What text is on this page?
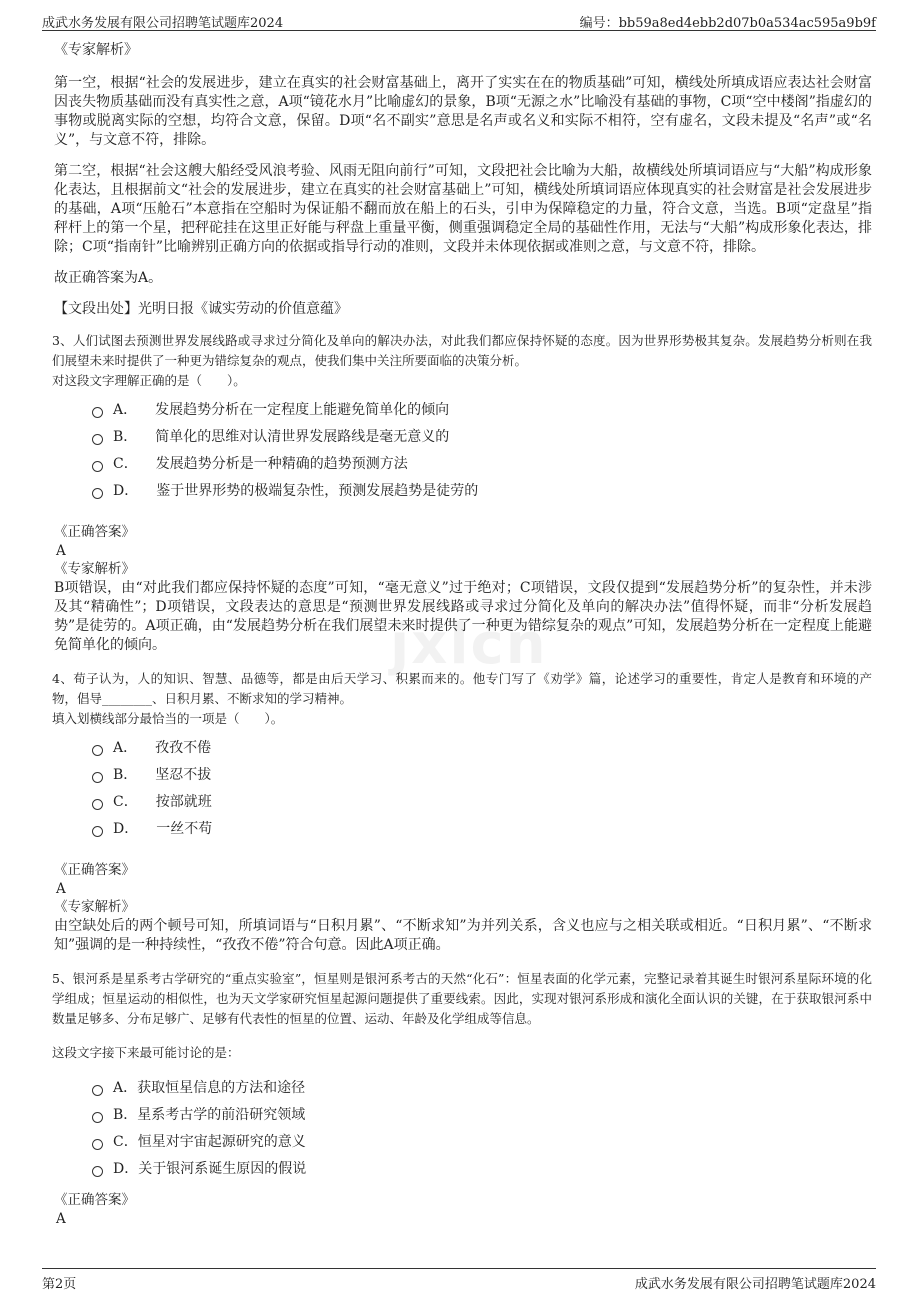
成武水务发展有限公司招聘笔试题库2024	编号：bb59a8ed4ebb2d07b0a534ac595a9b9f
jxlcn
《专家解析》
第一空，根据“社会的发展进步，建立在真实的社会财富基础上，离开了实实在在的物质基础”可知，横线处所填成语应表达社会财富因丧失物质基础而没有真实性之意，A项“镜花水月”比喻虚幻的景象，B项“无源之水”比喻没有基础的事物，C项“空中楼阁”指虚幻的事物或脱离实际的空想，均符合文意，保留。D项“名不副实”意思是名声或名义和实际不相符，空有虚名，文段未提及“名声”或“名义”，与文意不符，排除。
第二空，根据“社会这艘大船经受风浪考验、风雨无阻向前行”可知，文段把社会比喻为大船，故横线处所填词语应与“大船”构成形象化表达，且根据前文“社会的发展进步，建立在真实的社会财富基础上”可知，横线处所填词语应体现真实的社会财富是社会发展进步的基础，A项“压舱石”本意指在空船时为保证船不翻而放在船上的石头，引申为保障稳定的力量，符合文意，当选。B项“定盘星”指秤杆上的第一个星，把秤砣挂在这里正好能与秤盘上重量平衡，侧重强调稳定全局的基础性作用，无法与“大船”构成形象化表达，排除；C项“指南针”比喻辨别正确方向的依据或指导行动的准则，文段并未体现依据或准则之意，与文意不符，排除。
故正确答案为A。
【文段出处】光明日报《诚实劳动的价值意蕴》
3、人们试图去预测世界发展线路或寻求过分简化及单向的解决办法，对此我们都应保持怀疑的态度。因为世界形势极其复杂。发展趋势分析则在我们展望未来时提供了一种更为错综复杂的观点，使我们集中关注所要面临的决策分析。
对这段文字理解正确的是（　　）。
A． 发展趋势分析在一定程度上能避免简单化的倾向
B． 简单化的思维对认清世界发展路线是毫无意义的
C． 发展趋势分析是一种精确的趋势预测方法
D． 鉴于世界形势的极端复杂性，预测发展趋势是徒劳的
《正确答案》
A
《专家解析》
B项错误，由“对此我们都应保持怀疑的态度”可知，“毫无意义”过于绝对；C项错误，文段仅提到“发展趋势分析”的复杂性，并未涉及其“精确性”；D项错误，文段表达的意思是“预测世界发展线路或寻求过分简化及单向的解决办法”值得怀疑，而非“分析发展趋势”是徒劳的。A项正确，由“发展趋势分析在我们展望未来时提供了一种更为错综复杂的观点”可知，发展趋势分析在一定程度上能避免简单化的倾向。
4、荀子认为，人的知识、智慧、品德等，都是由后天学习、积累而来的。他专门写了《劝学》篇，论述学习的重要性，肯定人是教育和环境的产物，倡导________、日积月累、不断求知的学习精神。
填入划横线部分最恰当的一项是（　　）。
A． 孜孜不倦
B． 坚忍不拔
C． 按部就班
D． 一丝不苟
《正确答案》
A
《专家解析》
由空缺处后的两个顿号可知，所填词语与“日积月累”、“不断求知”为并列关系，含义也应与之相关联或相近。“日积月累”、“不断求知”强调的是一种持续性，“孜孜不倦”符合句意。因此A项正确。
5、银河系是星系考古学研究的“重点实验室”，恒星则是银河系考古的天然“化石”：恒星表面的化学元素，完整记录着其诞生时银河系星际环境的化学组成；恒星运动的相似性，也为天文学家研究恒星起源问题提供了重要线索。因此，实现对银河系形成和演化全面认识的关键，在于获取银河系中数量足够多、分布足够广、足够有代表性的恒星的位置、运动、年龄及化学组成等信息。
这段文字接下来最可能讨论的是：
A． 获取恒星信息的方法和途径
B． 星系考古学的前沿研究领域
C． 恒星对宇宙起源研究的意义
D． 关于银河系诞生原因的假说
《正确答案》
A
第2页	成武水务发展有限公司招聘笔试题库2024
